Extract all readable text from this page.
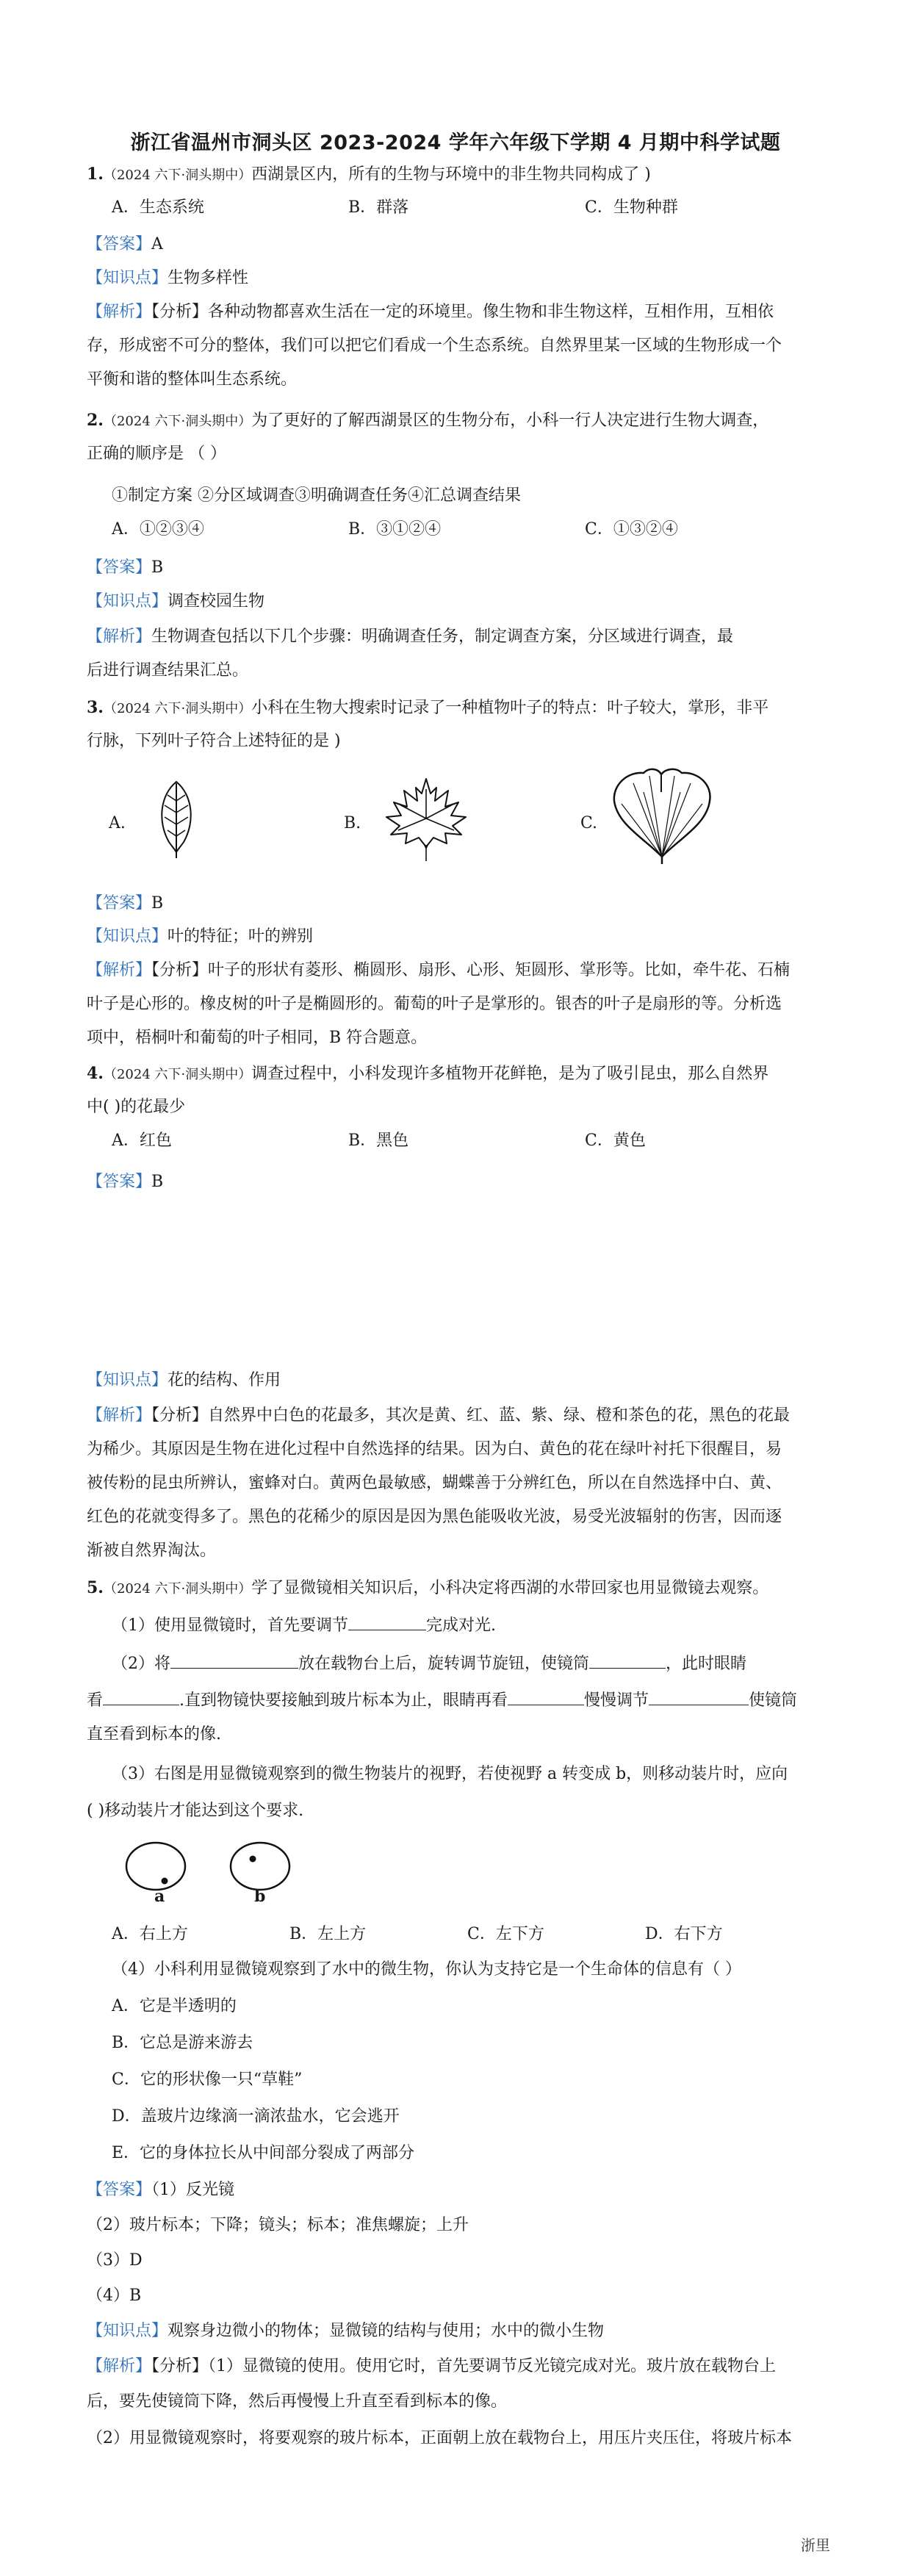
浙江省温州市洞头区 2023-2024 学年六年级下学期 4 月期中科学试题
1.（2024 六下·洞头期中）西湖景区内，所有的生物与环境中的非生物共同构成了 )
A．生态系统	B．群落	C．生物种群
【答案】A
【知识点】生物多样性
【解析】【分析】各种动物都喜欢生活在一定的环境里。像生物和非生物这样，互相作用，互相依
存，形成密不可分的整体，我们可以把它们看成一个生态系统。自然界里某一区域的生物形成一个
平衡和谐的整体叫生态系统。
2.（2024 六下·洞头期中）为了更好的了解西湖景区的生物分布，小科一行人决定进行生物大调查，
正确的顺序是 （ ）
①制定方案 ②分区域调查③明确调查任务④汇总调查结果
A．①②③④	B．③①②④	C．①③②④
【答案】B
【知识点】调查校园生物
【解析】生物调查包括以下几个步骤：明确调查任务，制定调查方案，分区域进行调查，最
后进行调查结果汇总。
3.（2024 六下·洞头期中）小科在生物大搜索时记录了一种植物叶子的特点：叶子较大，掌形，非平
行脉，下列叶子符合上述特征的是 )
A.	B.	C.
【答案】B
【知识点】叶的特征；叶的辨别
【解析】【分析】叶子的形状有菱形、椭圆形、扇形、心形、矩圆形、掌形等。比如，牵牛花、石楠
叶子是心形的。橡皮树的叶子是椭圆形的。葡萄的叶子是掌形的。银杏的叶子是扇形的等。分析选
项中，梧桐叶和葡萄的叶子相同，B 符合题意。
4.（2024 六下·洞头期中）调查过程中，小科发现许多植物开花鲜艳，是为了吸引昆虫，那么自然界
中( )的花最少
A．红色	B．黑色	C．黄色
【答案】B
【知识点】花的结构、作用
【解析】【分析】自然界中白色的花最多，其次是黄、红、蓝、紫、绿、橙和茶色的花，黑色的花最
为稀少。其原因是生物在进化过程中自然选择的结果。因为白、黄色的花在绿叶衬托下很醒目，易
被传粉的昆虫所辨认，蜜蜂对白。黄两色最敏感，蝴蝶善于分辨红色，所以在自然选择中白、黄、
红色的花就变得多了。黑色的花稀少的原因是因为黑色能吸收光波，易受光波辐射的伤害，因而逐
渐被自然界淘汰。
5.（2024 六下·洞头期中）学了显微镜相关知识后，小科决定将西湖的水带回家也用显微镜去观察。
（1）使用显微镜时，首先要调节	完成对光.
（2）将	放在载物台上后，旋转调节旋钮，使镜筒	，此时眼睛
看	.直到物镜快要接触到玻片标本为止，眼睛再看	慢慢调节	使镜筒
直至看到标本的像.
（3）右图是用显微镜观察到的微生物装片的视野，若使视野 a 转变成 b，则移动装片时，应向
( )移动装片才能达到这个要求.
a	b
A．右上方	B．左上方	C．左下方	D．右下方
（4）小科利用显微镜观察到了水中的微生物，你认为支持它是一个生命体的信息有（ ）
A．它是半透明的
B．它总是游来游去
C．它的形状像一只“草鞋”
D．盖玻片边缘滴一滴浓盐水，它会逃开
E．它的身体拉长从中间部分裂成了两部分
【答案】（1）反光镜
（2）玻片标本；下降；镜头；标本；准焦螺旋；上升
（3）D
（4）B
【知识点】观察身边微小的物体；显微镜的结构与使用；水中的微小生物
【解析】【分析】（1）显微镜的使用。使用它时，首先要调节反光镜完成对光。玻片放在载物台上
后，要先使镜筒下降，然后再慢慢上升直至看到标本的像。
（2）用显微镜观察时，将要观察的玻片标本，正面朝上放在载物台上，用压片夹压住，将玻片标本
浙里
